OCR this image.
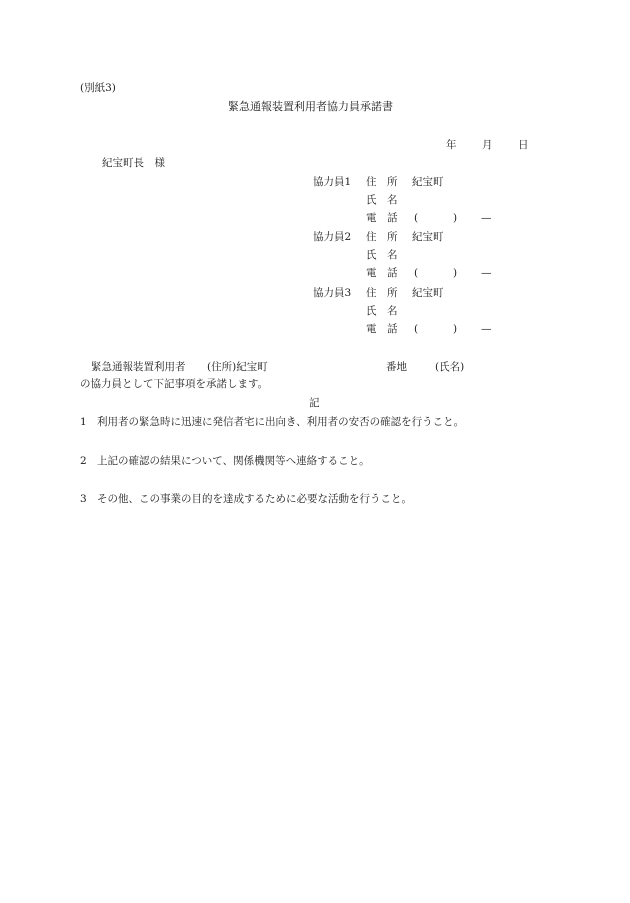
(別紙3)
緊急通報装置利用者協力員承諾書
年 月 日
紀宝町長　様
協力員1 住　所 紀宝町
氏　名
電　話 (	) —
協力員2 住　所 紀宝町
氏　名
電　話 (	) —
協力員3 住　所 紀宝町
氏　名
電　話 (	) —
緊急通報装置利用者 (住所)紀宝町	番地	(氏名)
の協力員として下記事項を承諾します。
記
1 利用者の緊急時に迅速に発信者宅に出向き、利用者の安否の確認を行うこと。
2 上記の確認の結果について、関係機関等へ連絡すること。
3 その他、この事業の目的を達成するために必要な活動を行うこと。
